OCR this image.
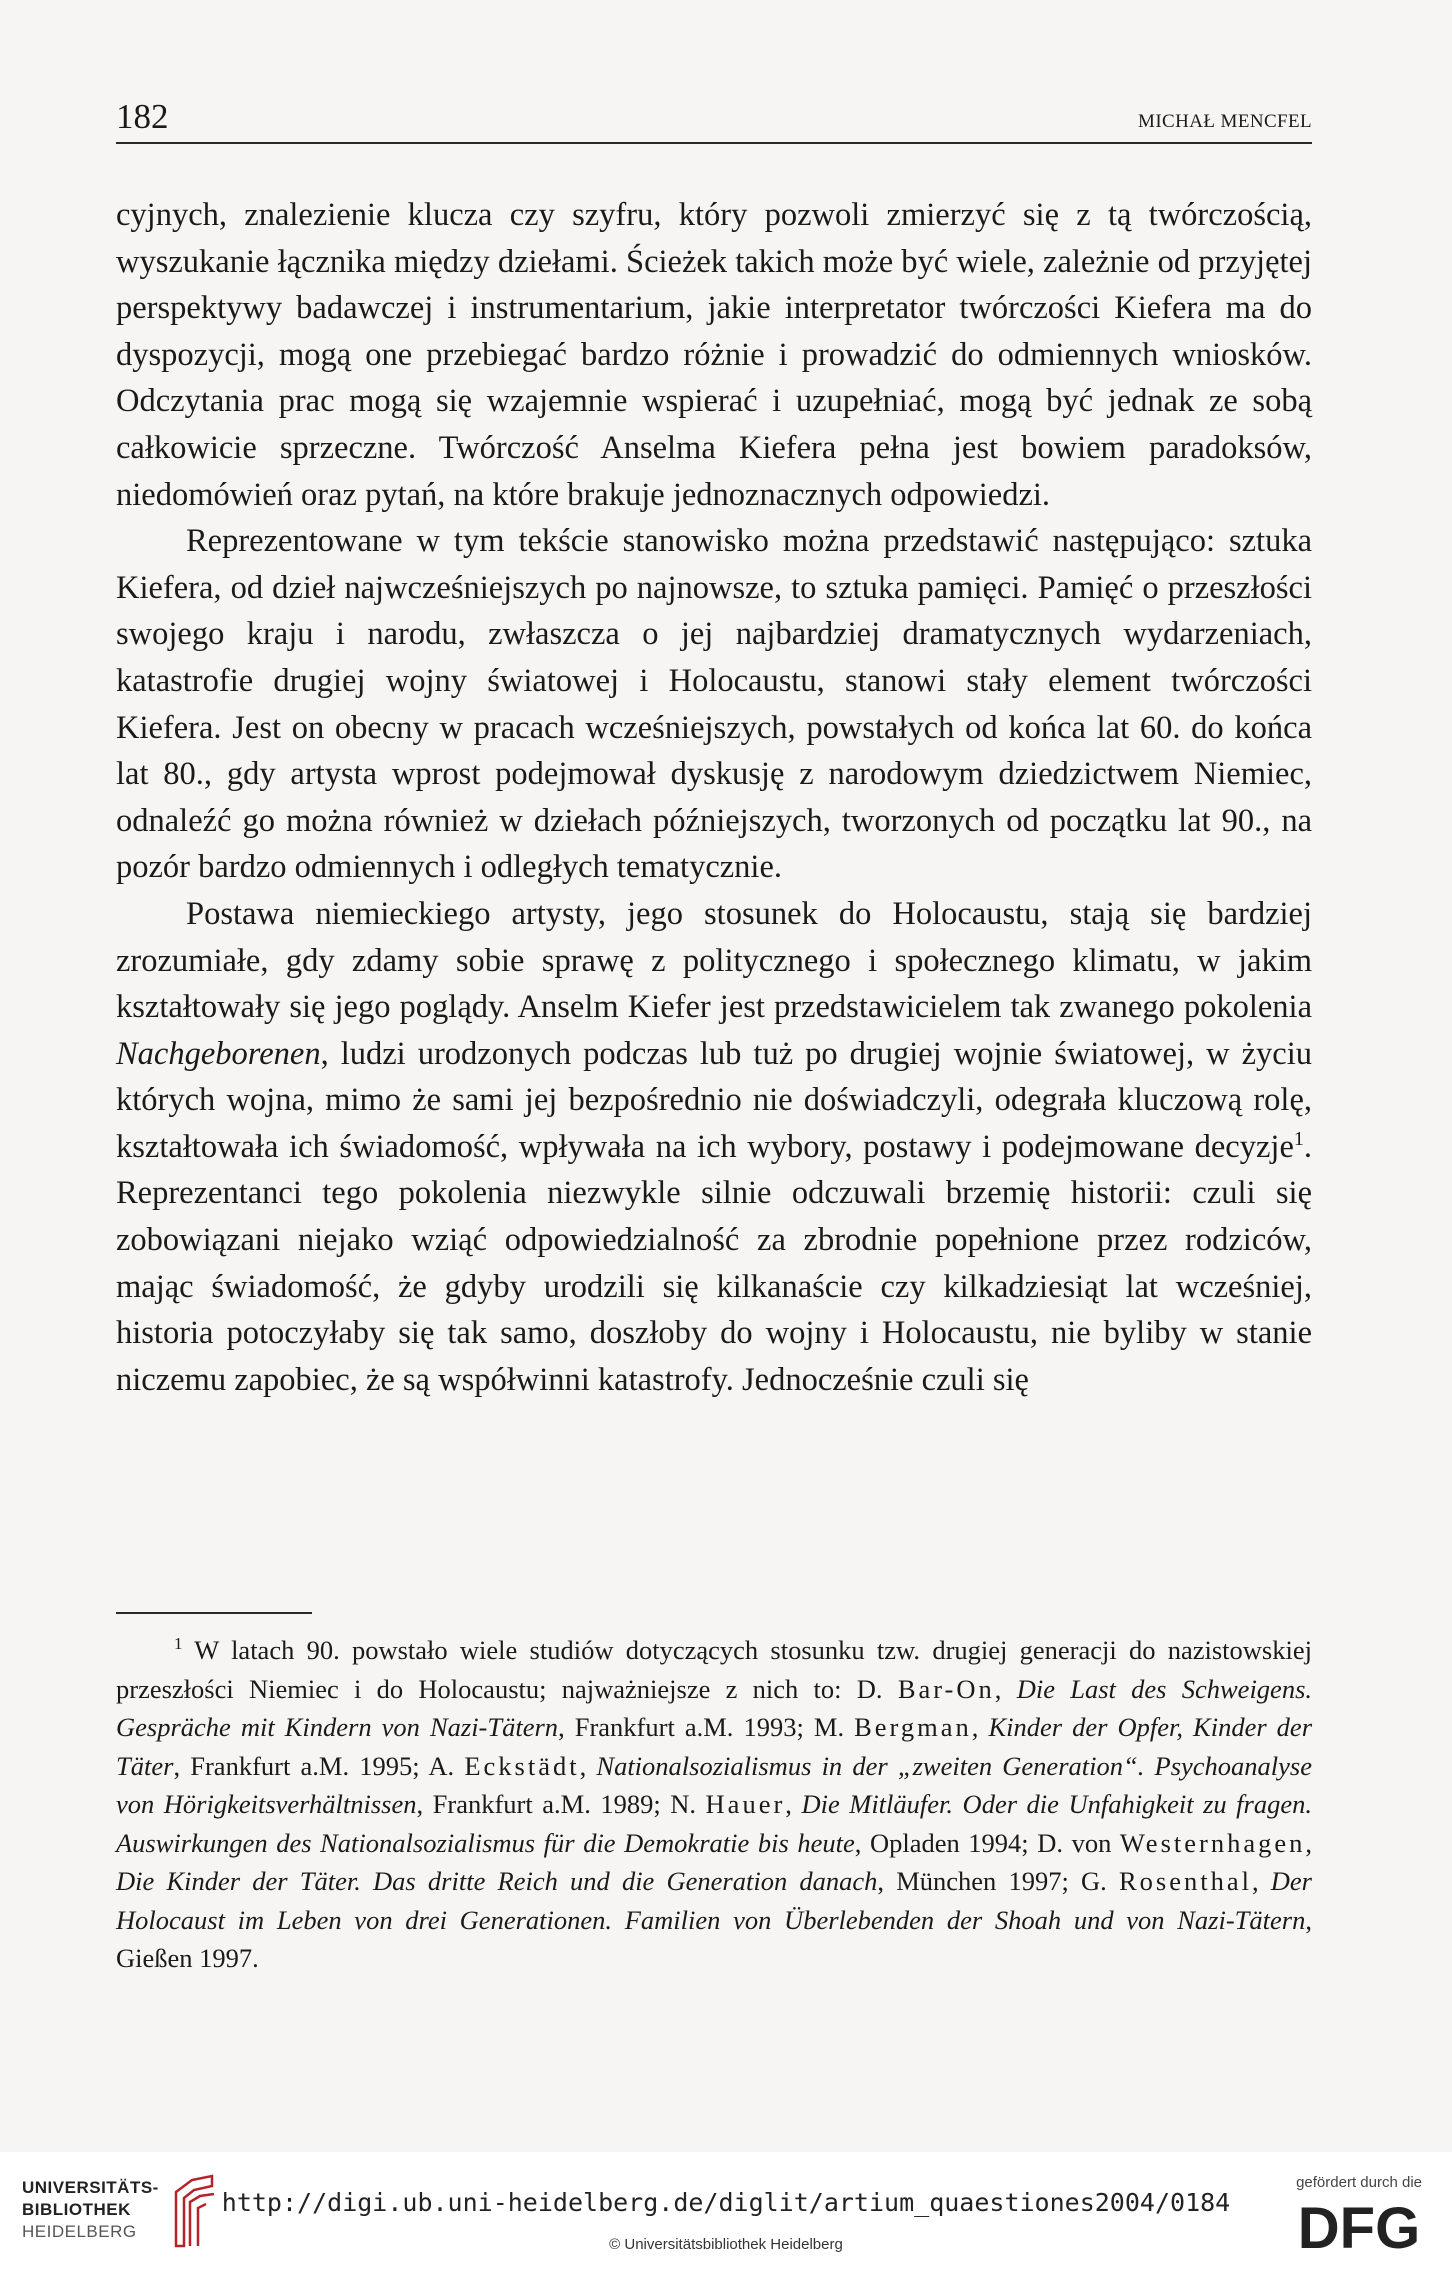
182	MICHAŁ MENCFEL

cyjnych, znalezienie klucza czy szyfru, który pozwoli zmierzyć się z tą twórczością, wyszukanie łącznika między dziełami. Ścieżek takich może być wiele, zależnie od przyjętej perspektywy badawczej i instrumentarium, jakie interpretator twórczości Kiefera ma do dyspozycji, mogą one przebiegać bardzo różnie i prowadzić do odmiennych wniosków. Odczytania prac mogą się wzajemnie wspierać i uzupełniać, mogą być jednak ze sobą całkowicie sprzeczne. Twórczość Anselma Kiefera pełna jest bowiem paradoksów, niedomówień oraz pytań, na które brakuje jednoznacznych odpowiedzi.

Reprezentowane w tym tekście stanowisko można przedstawić następująco: sztuka Kiefera, od dzieł najwcześniejszych po najnowsze, to sztuka pamięci. Pamięć o przeszłości swojego kraju i narodu, zwłaszcza o jej najbardziej dramatycznych wydarzeniach, katastrofie drugiej wojny światowej i Holocaustu, stanowi stały element twórczości Kiefera. Jest on obecny w pracach wcześniejszych, powstałych od końca lat 60. do końca lat 80., gdy artysta wprost podejmował dyskusję z narodowym dziedzictwem Niemiec, odnaleźć go można również w dziełach późniejszych, tworzonych od początku lat 90., na pozór bardzo odmiennych i odległych tematycznie.

Postawa niemieckiego artysty, jego stosunek do Holocaustu, stają się bardziej zrozumiałe, gdy zdamy sobie sprawę z politycznego i społecznego klimatu, w jakim kształtowały się jego poglądy. Anselm Kiefer jest przedstawicielem tak zwanego pokolenia Nachgeborenen, ludzi urodzonych podczas lub tuż po drugiej wojnie światowej, w życiu których wojna, mimo że sami jej bezpośrednio nie doświadczyli, odegrała kluczową rolę, kształtowała ich świadomość, wpływała na ich wybory, postawy i podejmowane decyzje$^1$. Reprezentanci tego pokolenia niezwykle silnie odczuwali brzemię historii: czuli się zobowiązani niejako wziąć odpowiedzialność za zbrodnie popełnione przez rodziców, mając świadomość, że gdyby urodzili się kilkanaście czy kilkadziesiąt lat wcześniej, historia potoczyłaby się tak samo, doszłoby do wojny i Holocaustu, nie byliby w stanie niczemu zapobiec, że są współwinni katastrofy. Jednocześnie czuli się

$^1$ W latach 90. powstało wiele studiów dotyczących stosunku tzw. drugiej generacji do nazistowskiej przeszłości Niemiec i do Holocaustu; najważniejsze z nich to: D. Bar-On, Die Last des Schweigens. Gespräche mit Kindern von Nazi-Tätern, Frankfurt a.M. 1993; M. Bergman, Kinder der Opfer, Kinder der Täter, Frankfurt a.M. 1995; A. Eckstädt, Nationalsozialismus in der „zweiten Generation“. Psychoanalyse von Hörigkeitsverhältnissen, Frankfurt a.M. 1989; N. Hauer, Die Mitläufer. Oder die Unfahigkeit zu fragen. Auswirkungen des Nationalsozialismus für die Demokratie bis heute, Opladen 1994; D. von Westernhagen, Die Kinder der Täter. Das dritte Reich und die Generation danach, München 1997; G. Rosenthal, Der Holocaust im Leben von drei Generationen. Familien von Überlebenden der Shoah und von Nazi-Tätern, Gießen 1997.

UNIVERSITÄTS-
BIBLIOTHEK
HEIDELBERG
http://digi.ub.uni-heidelberg.de/diglit/artium_quaestiones2004/0184
© Universitätsbibliothek Heidelberg
gefördert durch die
DFG
